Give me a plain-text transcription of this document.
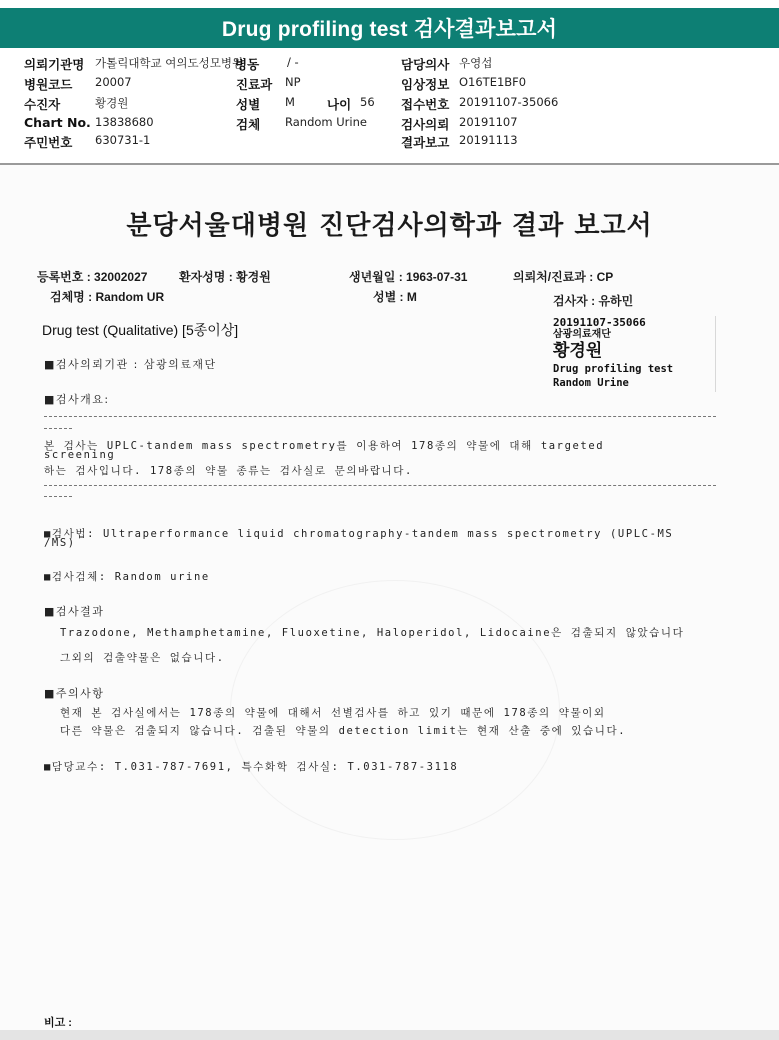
Drug profiling test 검사결과보고서
의뢰기관명 가톨릭대학교 여의도성모병원
병동 / -	담당의사 우영섭
병원코드 20007	진료과 NP	임상정보 O16TE1BF0
수진자	황경원	성별 M	나이 56 접수번호 20191107-35066
Chart No. 13838680	검체 Random Urine	검사의뢰 20191107
주민번호 630731-1	결과보고 20191113
분당서울대병원 진단검사의학과 결과 보고서
등록번호 : 32002027	환자성명 : 황경원	생년월일 : 1963-07-31	의뢰처/진료과 : CP
검체명 : Random UR	성별 : M	검사자 : 유하민
Drug test (Qualitative) [5종이상]	20191107-35066
삼광의료재단
황경원
Drug profiling test
Random Urine
■검사의뢰기관 : 삼광의료재단
■검사개요:
본 검사는 UPLC-tandem mass spectrometry를 이용하여 178종의 약물에 대해 targeted
screening
하는 검사입니다. 178종의 약물 종류는 검사실로 문의바랍니다.
■검사법: Ultraperformance liquid chromatography-tandem mass spectrometry (UPLC-MS
/MS)
■검사검체: Random urine
■검사결과
Trazodone, Methamphetamine, Fluoxetine, Haloperidol, Lidocaine은 검출되지 않았습니다
그외의 검출약물은 없습니다.
■주의사항
현재 본 검사실에서는 178종의 약물에 대해서 선별검사를 하고 있기 때문에 178종의 약물이외
다른 약물은 검출되지 않습니다. 검출된 약물의 detection limit는 현재 산출 중에 있습니다.
■담당교수: T.031-787-7691, 특수화학 검사실: T.031-787-3118
비고 :
